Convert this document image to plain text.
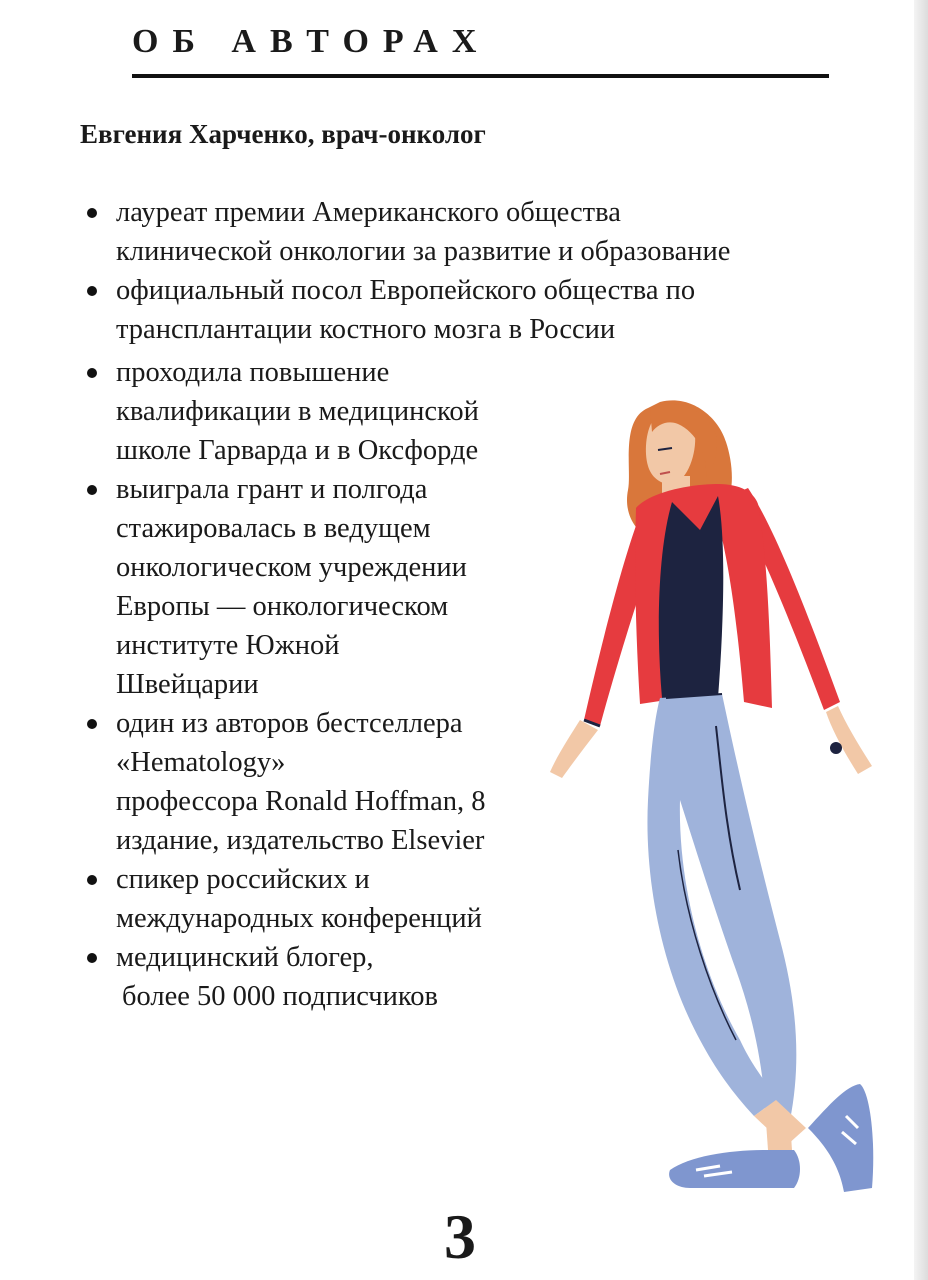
ОБ АВТОРАХ
Евгения Харченко, врач-онколог
лауреат премии Американского общества
клинической онкологии за развитие и образование
официальный посол Европейского общества по
трансплантации костного мозга в России
проходила повышение
квалификации в медицинской
школе Гарварда и в Оксфорде
выиграла грант и полгода
стажировалась в ведущем
онкологическом учреждении
Европы — онкологическом
институте Южной
Швейцарии
один из авторов бестселлера
«Hematology»
профессора Ronald Hoffman, 8
издание, издательство Elsevier
спикер российских и
международных конференций
медицинский блогер,
более 50 000 подписчиков
3
